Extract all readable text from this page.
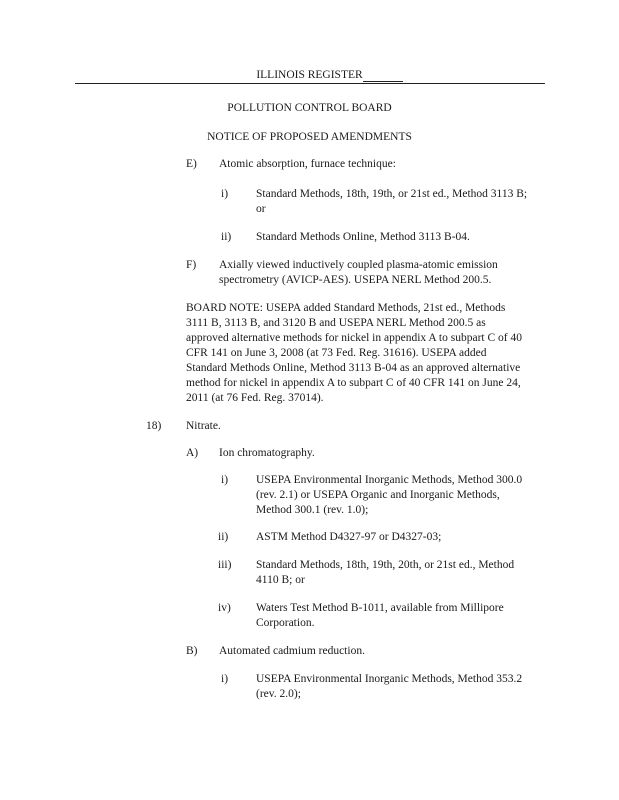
ILLINOIS REGISTER
POLLUTION CONTROL BOARD
NOTICE OF PROPOSED AMENDMENTS
E) Atomic absorption, furnace technique:
i) Standard Methods, 18th, 19th, or 21st ed., Method 3113 B;
or
ii) Standard Methods Online, Method 3113 B-04.
F) Axially viewed inductively coupled plasma-atomic emission
spectrometry (AVICP-AES). USEPA NERL Method 200.5.
BOARD NOTE: USEPA added Standard Methods, 21st ed., Methods
3111 B, 3113 B, and 3120 B and USEPA NERL Method 200.5 as
approved alternative methods for nickel in appendix A to subpart C of 40
CFR 141 on June 3, 2008 (at 73 Fed. Reg. 31616). USEPA added
Standard Methods Online, Method 3113 B-04 as an approved alternative
method for nickel in appendix A to subpart C of 40 CFR 141 on June 24,
2011 (at 76 Fed. Reg. 37014).
18) Nitrate.
A) Ion chromatography.
i) USEPA Environmental Inorganic Methods, Method 300.0
(rev. 2.1) or USEPA Organic and Inorganic Methods,
Method 300.1 (rev. 1.0);
ii) ASTM Method D4327-97 or D4327-03;
iii) Standard Methods, 18th, 19th, 20th, or 21st ed., Method
4110 B; or
iv) Waters Test Method B-1011, available from Millipore
Corporation.
B) Automated cadmium reduction.
i) USEPA Environmental Inorganic Methods, Method 353.2
(rev. 2.0);
